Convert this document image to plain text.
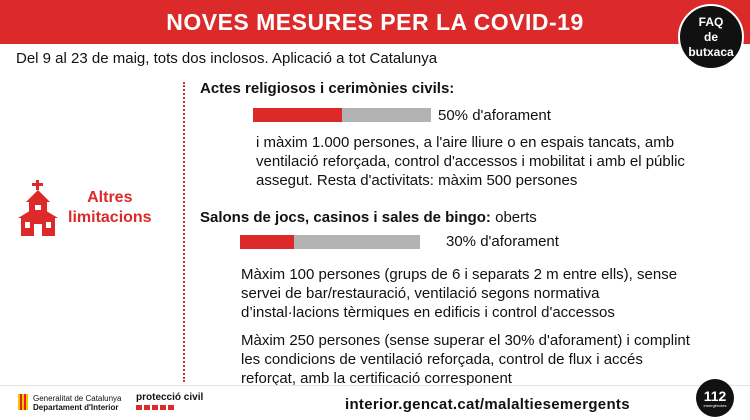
NOVES MESURES PER LA COVID-19	FAQ
de
butxaca
Del 9 al 23 de maig, tots dos inclosos. Aplicació a tot Catalunya
Altres
limitacions
Actes religiosos i cerimònies civils:
50% d'aforament
i màxim 1.000 persones, a l'aire lliure o en espais tancats, amb
ventilació reforçada, control d'accessos i mobilitat i amb el públic
assegut. Resta d'activitats: màxim 500 persones
Salons de jocs, casinos i sales de bingo: oberts
30% d'aforament
Màxim 100 persones (grups de 6 i separats 2 m entre ells), sense
servei de bar/restauració, ventilació segons normativa
d’instal·lacions tèrmiques en edificis i control d'accessos
Màxim 250 persones (sense superar el 30% d'aforament) i complint
les condicions de ventilació reforçada, control de flux i accés
reforçat, amb la certificació corresponent
Generalitat de Catalunya
Departament d'Interior
protecció civil	interior.gencat.cat/malaltiesemergents
112
emergències
